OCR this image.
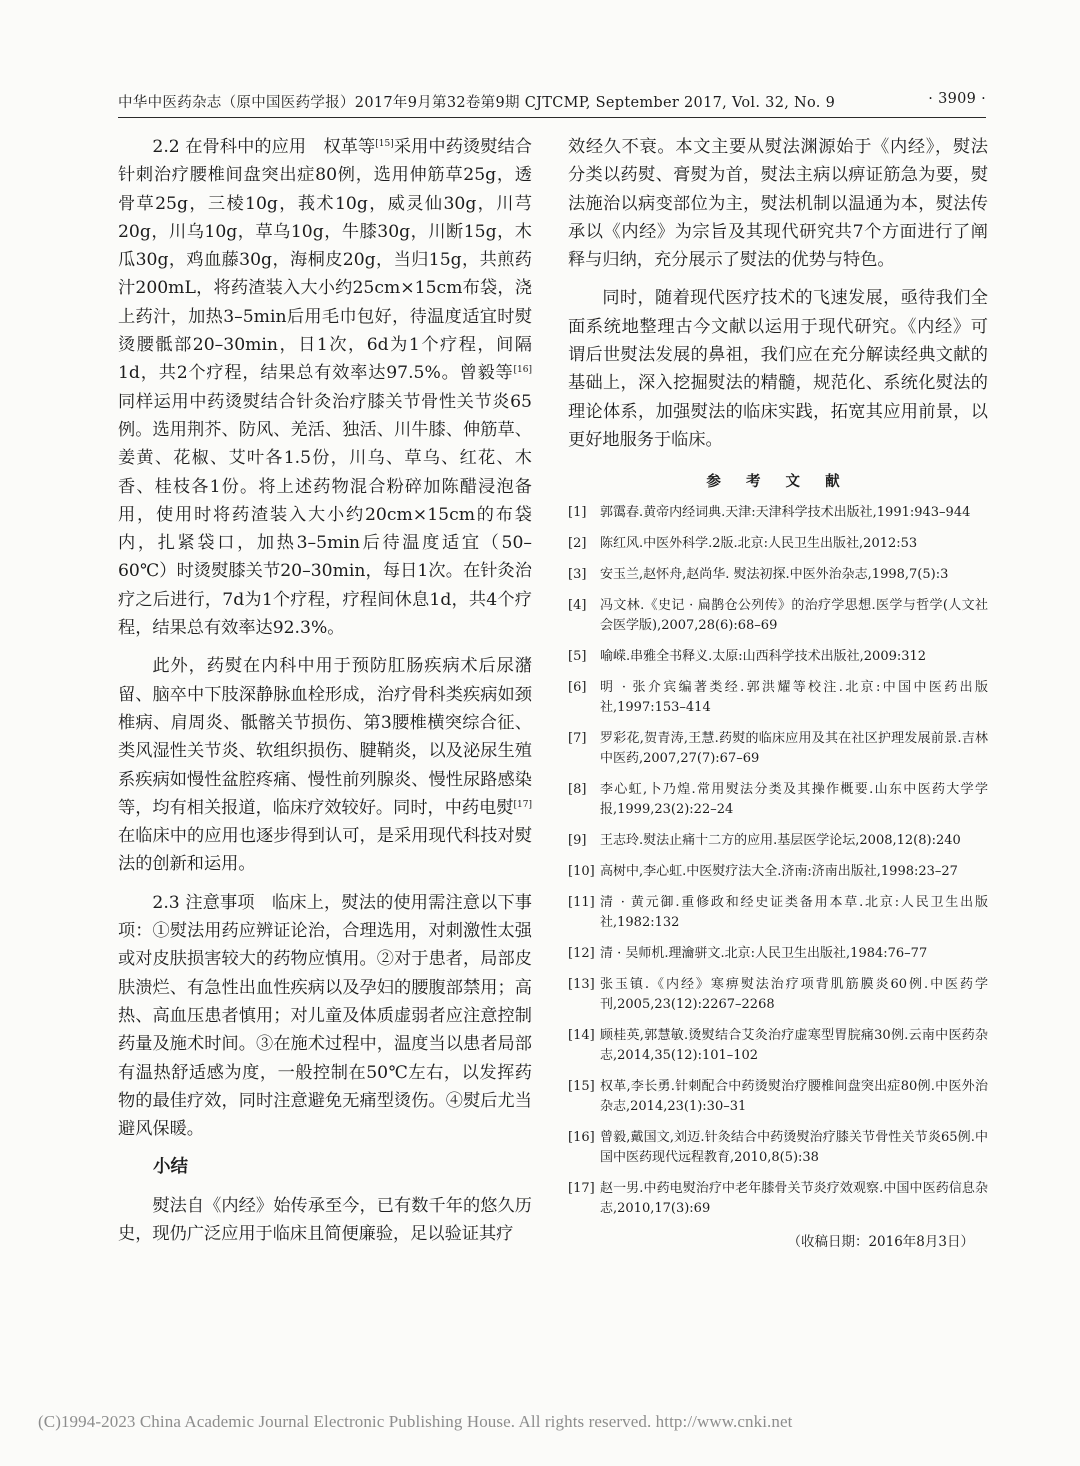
中华中医药杂志（原中国医药学报）2017年9月第32卷第9期 CJTCMP, September 2017, Vol. 32, No. 9	· 3909 ·

2.2 在骨科中的应用　权革等[15]采用中药烫熨结合针刺治疗腰椎间盘突出症80例，选用伸筋草25g，透骨草25g，三棱10g，莪术10g，威灵仙30g，川芎20g，川乌10g，草乌10g，牛膝30g，川断15g，木瓜30g，鸡血藤30g，海桐皮20g，当归15g，共煎药汁200mL，将药渣装入大小约25cm×15cm布袋，浇上药汁，加热3–5min后用毛巾包好，待温度适宜时熨烫腰骶部20–30min，日1次，6d为1个疗程，间隔1d，共2个疗程，结果总有效率达97.5%。曾毅等[16]同样运用中药烫熨结合针灸治疗膝关节骨性关节炎65例。选用荆芥、防风、羌活、独活、川牛膝、伸筋草、姜黄、花椒、艾叶各1.5份，川乌、草乌、红花、木香、桂枝各1份。将上述药物混合粉碎加陈醋浸泡备用，使用时将药渣装入大小约20cm×15cm的布袋内，扎紧袋口，加热3–5min后待温度适宜（50–60℃）时烫熨膝关节20–30min，每日1次。在针灸治疗之后进行，7d为1个疗程，疗程间休息1d，共4个疗程，结果总有效率达92.3%。

此外，药熨在内科中用于预防肛肠疾病术后尿潴留、脑卒中下肢深静脉血栓形成，治疗骨科类疾病如颈椎病、肩周炎、骶髂关节损伤、第3腰椎横突综合征、类风湿性关节炎、软组织损伤、腱鞘炎，以及泌尿生殖系疾病如慢性盆腔疼痛、慢性前列腺炎、慢性尿路感染等，均有相关报道，临床疗效较好。同时，中药电熨[17]在临床中的应用也逐步得到认可，是采用现代科技对熨法的创新和运用。

2.3 注意事项　临床上，熨法的使用需注意以下事项：①熨法用药应辨证论治，合理选用，对刺激性太强或对皮肤损害较大的药物应慎用。②对于患者，局部皮肤溃烂、有急性出血性疾病以及孕妇的腰腹部禁用；高热、高血压患者慎用；对儿童及体质虚弱者应注意控制药量及施术时间。③在施术过程中，温度当以患者局部有温热舒适感为度，一般控制在50℃左右，以发挥药物的最佳疗效，同时注意避免无痛型烫伤。④熨后尤当避风保暖。

小结

熨法自《内经》始传承至今，已有数千年的悠久历史，现仍广泛应用于临床且简便廉验，足以验证其疗

效经久不衰。本文主要从熨法渊源始于《内经》，熨法分类以药熨、膏熨为首，熨法主病以痹证筋急为要，熨法施治以病变部位为主，熨法机制以温通为本，熨法传承以《内经》为宗旨及其现代研究共7个方面进行了阐释与归纳，充分展示了熨法的优势与特色。

同时，随着现代医疗技术的飞速发展，亟待我们全面系统地整理古今文献以运用于现代研究。《内经》可谓后世熨法发展的鼻祖，我们应在充分解读经典文献的基础上，深入挖掘熨法的精髓，规范化、系统化熨法的理论体系，加强熨法的临床实践，拓宽其应用前景，以更好地服务于临床。

参 考 文 献
[1] 郭霭春.黄帝内经词典.天津:天津科学技术出版社,1991:943–944
[2] 陈红风.中医外科学.2版.北京:人民卫生出版社,2012:53
[3] 安玉兰,赵怀舟,赵尚华. 熨法初探.中医外治杂志,1998,7(5):3
[4] 冯文林.《史记 · 扁鹊仓公列传》的治疗学思想.医学与哲学(人文社会医学版),2007,28(6):68–69
[5] 喻嵘.串雅全书释义.太原:山西科学技术出版社,2009:312
[6] 明 · 张介宾编著类经.郭洪耀等校注.北京:中国中医药出版社,1997:153–414
[7] 罗彩花,贺青涛,王慧.药熨的临床应用及其在社区护理发展前景.吉林中医药,2007,27(7):67–69
[8] 李心虹,卜乃煌.常用熨法分类及其操作概要.山东中医药大学学报,1999,23(2):22–24
[9] 王志玲.熨法止痛十二方的应用.基层医学论坛,2008,12(8):240
[10] 高树中,李心虹.中医熨疗法大全.济南:济南出版社,1998:23–27
[11] 清 · 黄元御.重修政和经史证类备用本草.北京:人民卫生出版社,1982:132
[12] 清 · 吴师机.理瀹骈文.北京:人民卫生出版社,1984:76–77
[13] 张玉镇.《内经》寒痹熨法治疗项背肌筋膜炎60例.中医药学刊,2005,23(12):2267–2268
[14] 顾桂英,郭慧敏.烫熨结合艾灸治疗虚寒型胃脘痛30例.云南中医药杂志,2014,35(12):101–102
[15] 权革,李长勇.针刺配合中药烫熨治疗腰椎间盘突出症80例.中医外治杂志,2014,23(1):30–31
[16] 曾毅,戴国文,刘迈.针灸结合中药烫熨治疗膝关节骨性关节炎65例.中国中医药现代远程教育,2010,8(5):38
[17] 赵一男.中药电熨治疗中老年膝骨关节炎疗效观察.中国中医药信息杂志,2010,17(3):69
（收稿日期：2016年8月3日）
(C)1994-2023 China Academic Journal Electronic Publishing House. All rights reserved. http://www.cnki.net
